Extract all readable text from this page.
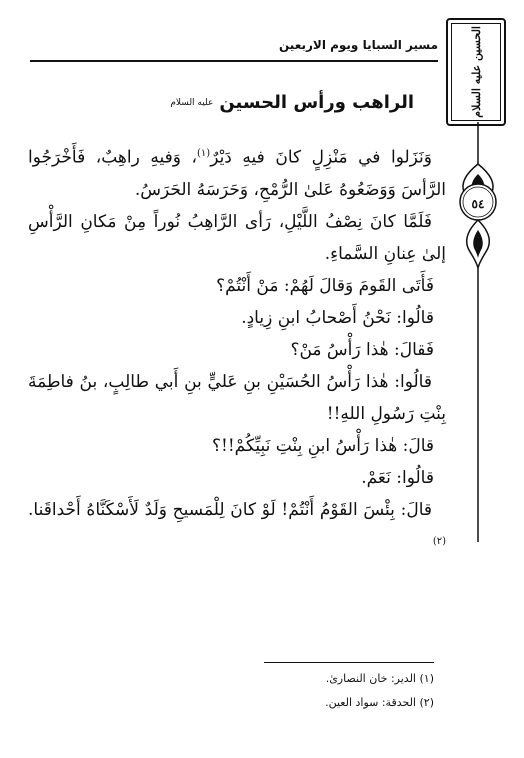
الحسين عليه السلام
٥٤
مسير السبايا ويوم الاربعين
الراهب ورأس الحسين
عليه السلام

وَنَزَلوا في مَنْزِلٍ كانَ فيهِ دَيْرٌ$^{(١)}$، وَفيهِ راهِبٌ، فَأَخْرَجُوا الرَّأسَ وَوَضَعُوهُ عَلىٰ الرُّمْحِ، وَحَرَسَهُ الحَرَسُ.

فَلَمَّا كانَ نِصْفُ اللَّيْلِ، رَأى الرَّاهِبُ نُوراً مِنْ مَكانِ الرَّأْسِ إلىٰ عِنانِ السَّماءِ.

فَأَتَى القَومَ وَقالَ لَهُمْ: مَنْ أَنْتُمْ؟

قالُوا: نَحْنُ أَصْحابُ ابنِ زِيادٍ.

فَقالَ: هٰذا رَأْسُ مَنْ؟

قالُوا: هٰذا رَأْسُ الحُسَيْنِ بنِ عَليٍّ بنِ أَبي طالِبٍ، بنُ فاطِمَةَ بِنْتِ رَسُولِ اللهِ!!

قالَ: هٰذا رَأْسُ ابنِ بِنْتِ نَبِيِّكُمْ!!؟

قالُوا: نَعَمْ.

قالَ: بِئْسَ القَوْمُ أَنْتُمْ! لَوْ كانَ لِلْمَسيحِ وَلَدٌ لَأَسْكَنَّاهُ أَحْداقَنا.$^{(٢)}$

(١) الدير: خان النصارىٰ.

(٢) الحدقة: سواد العين.
